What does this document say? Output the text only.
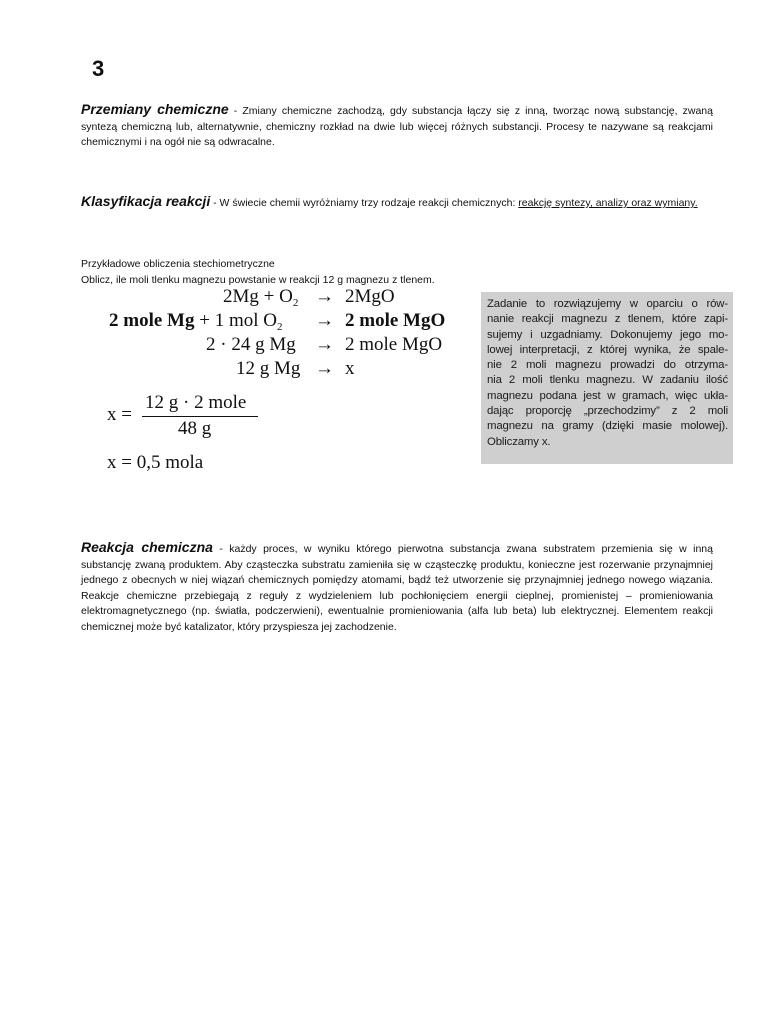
3

Przemiany chemiczne - Zmiany chemiczne zachodzą, gdy substancja łączy się z inną, tworząc nową substancję, zwaną syntezą chemiczną lub, alternatywnie, chemiczny rozkład na dwie lub więcej różnych substancji. Procesy te nazywane są reakcjami chemicznymi i na ogół nie są odwracalne.

Klasyfikacja reakcji - W świecie chemii wyróżniamy trzy rodzaje reakcji chemicznych: reakcję syntezy, analizy oraz wymiany.

Przykładowe obliczenia stechiometryczne
Oblicz, ile moli tlenku magnezu powstanie w reakcji 12 g magnezu z tlenem.
$2Mg + O_2 \to 2MgO$
2 mole Mg + 1 mol $O_2 \to 2$ mole MgO
2 · 24 g Mg → 2 mole MgO
12 g Mg → x
x =
12 g · 2 mole
48 g
x = 0,5 mola
Zadanie to rozwiązujemy w oparciu o rów-
nanie reakcji magnezu z tlenem, które zapi-
sujemy i uzgadniamy. Dokonujemy jego mo-
lowej interpretacji, z której wynika, że spale-
nie 2 moli magnezu prowadzi do otrzyma-
nia 2 moli tlenku magnezu. W zadaniu ilość
magnezu podana jest w gramach, więc ukła-
dając proporcję „przechodzimy” z 2 moli
magnezu na gramy (dzięki masie molowej).
Obliczamy x.

Reakcja chemiczna - każdy proces, w wyniku którego pierwotna substancja zwana substratem przemienia się w inną substancję zwaną produktem. Aby cząsteczka substratu zamieniła się w cząsteczkę produktu, konieczne jest rozerwanie przynajmniej jednego z obecnych w niej wiązań chemicznych pomiędzy atomami, bądź też utworzenie się przynajmniej jednego nowego wiązania. Reakcje chemiczne przebiegają z reguły z wydzieleniem lub pochłonięciem energii cieplnej, promienistej – promieniowania elektromagnetycznego (np. światła, podczerwieni), ewentualnie promieniowania (alfa lub beta) lub elektrycznej. Elementem reakcji chemicznej może być katalizator, który przyspiesza jej zachodzenie.
